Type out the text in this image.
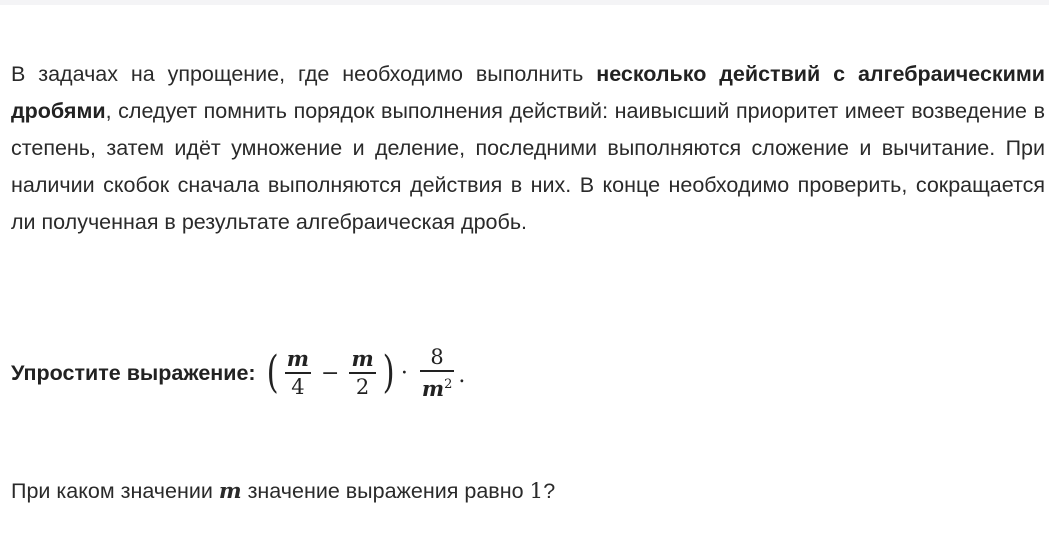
В задачах на упрощение, где необходимо выполнить несколько действий с алгебраическими дробями, следует помнить порядок выполнения действий: наивысший приоритет имеет возведение в степень, затем идёт умножение и деление, последними выполняются сложение и вычитание. При наличии скобок сначала выполняются действия в них. В конце необходимо проверить, сокращается ли полученная в результате алгебраическая дробь.

Упростите выражение: ( $\frac{m}{4} - \frac{m}{2}$ ) · $\frac{8}{m^2}$ .

При каком значении m значение выражения равно 1?
